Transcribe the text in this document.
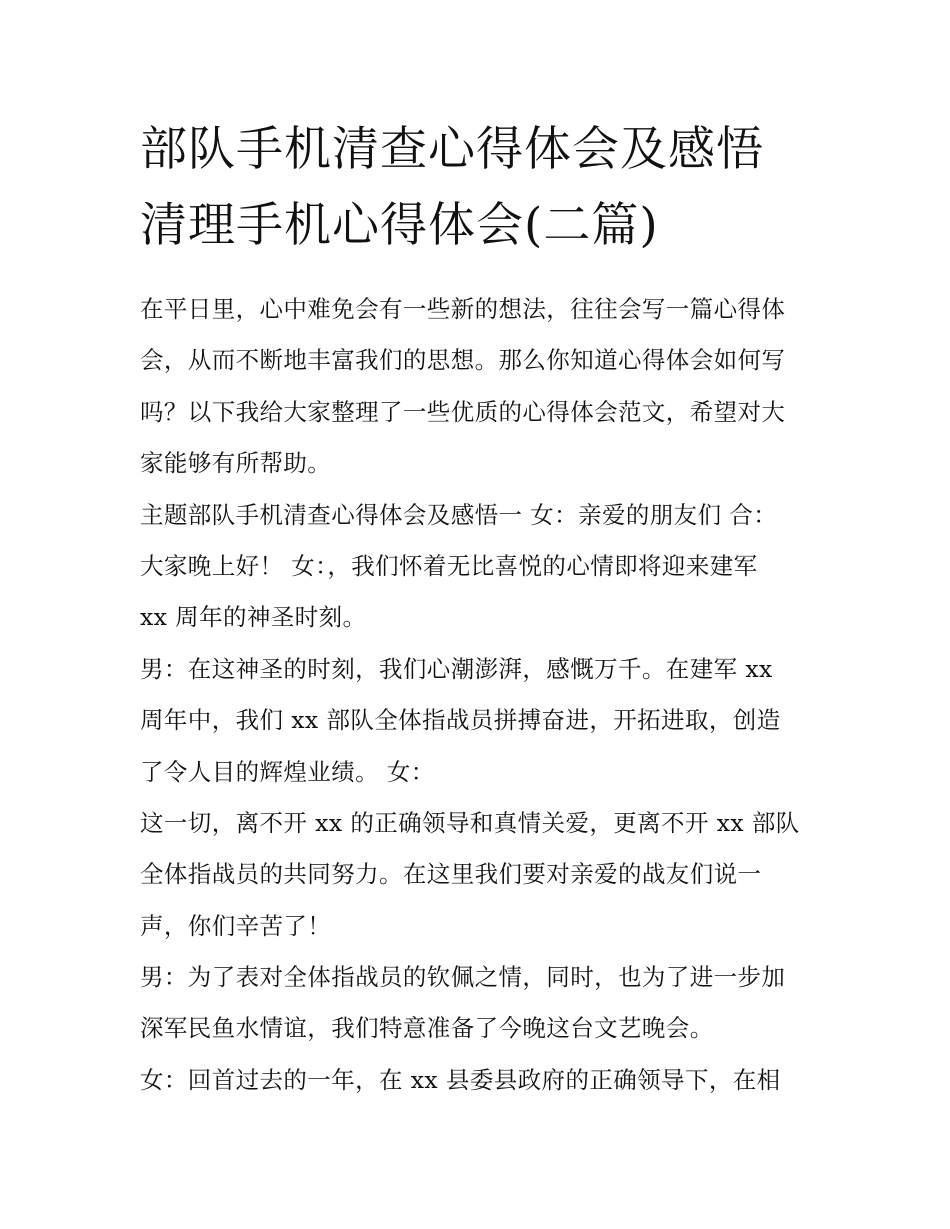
部队手机清查心得体会及感悟
清理手机心得体会(二篇)
在平日里，心中难免会有一些新的想法，往往会写一篇心得体
会，从而不断地丰富我们的思想。那么你知道心得体会如何写
吗？以下我给大家整理了一些优质的心得体会范文，希望对大
家能够有所帮助。
主题部队手机清查心得体会及感悟一 女：亲爱的朋友们 合：
大家晚上好！ 女：，我们怀着无比喜悦的心情即将迎来建军
xx 周年的神圣时刻。
男：在这神圣的时刻，我们心潮澎湃，感慨万千。在建军 xx
周年中，我们 xx 部队全体指战员拼搏奋进，开拓进取，创造
了令人目的辉煌业绩。 女：
这一切，离不开 xx 的正确领导和真情关爱，更离不开 xx 部队
全体指战员的共同努力。在这里我们要对亲爱的战友们说一
声，你们辛苦了！
男：为了表对全体指战员的钦佩之情，同时，也为了进一步加
深军民鱼水情谊，我们特意准备了今晚这台文艺晚会。
女：回首过去的一年，在 xx 县委县政府的正确领导下，在相
